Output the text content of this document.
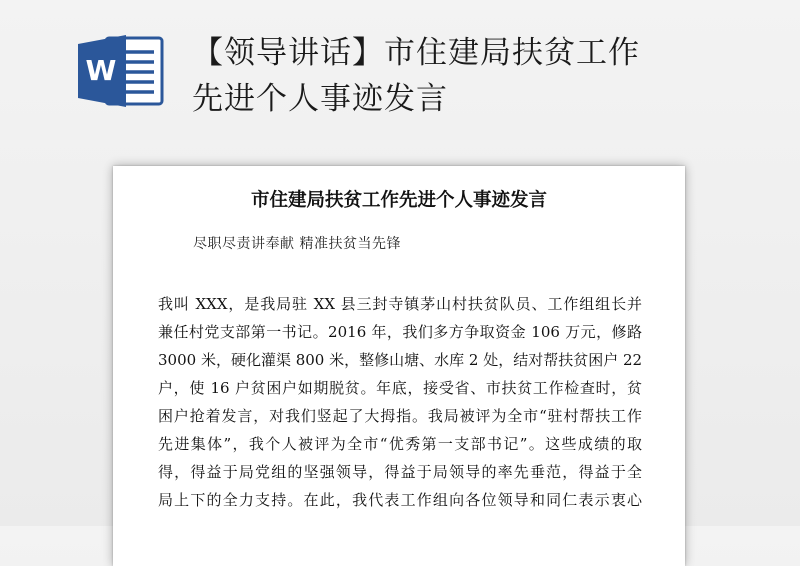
W 【领导讲话】市住建局扶贫工作
先进个人事迹发言
市住建局扶贫工作先进个人事迹发言
尽职尽责讲奉献 精准扶贫当先锋
我叫 XXX，是我局驻 XX 县三封寺镇茅山村扶贫队员、工作组组长并
兼任村党支部第一书记。2016 年，我们多方争取资金 106 万元，修路
3000 米，硬化灌渠 800 米，整修山塘、水库 2 处，结对帮扶贫困户 22
户，使 16 户贫困户如期脱贫。年底，接受省、市扶贫工作检查时，贫
困户抢着发言，对我们竖起了大拇指。我局被评为全市“驻村帮扶工作
先进集体”，我个人被评为全市“优秀第一支部书记”。这些成绩的取
得，得益于局党组的坚强领导，得益于局领导的率先垂范，得益于全
局上下的全力支持。在此，我代表工作组向各位领导和同仁表示衷心
